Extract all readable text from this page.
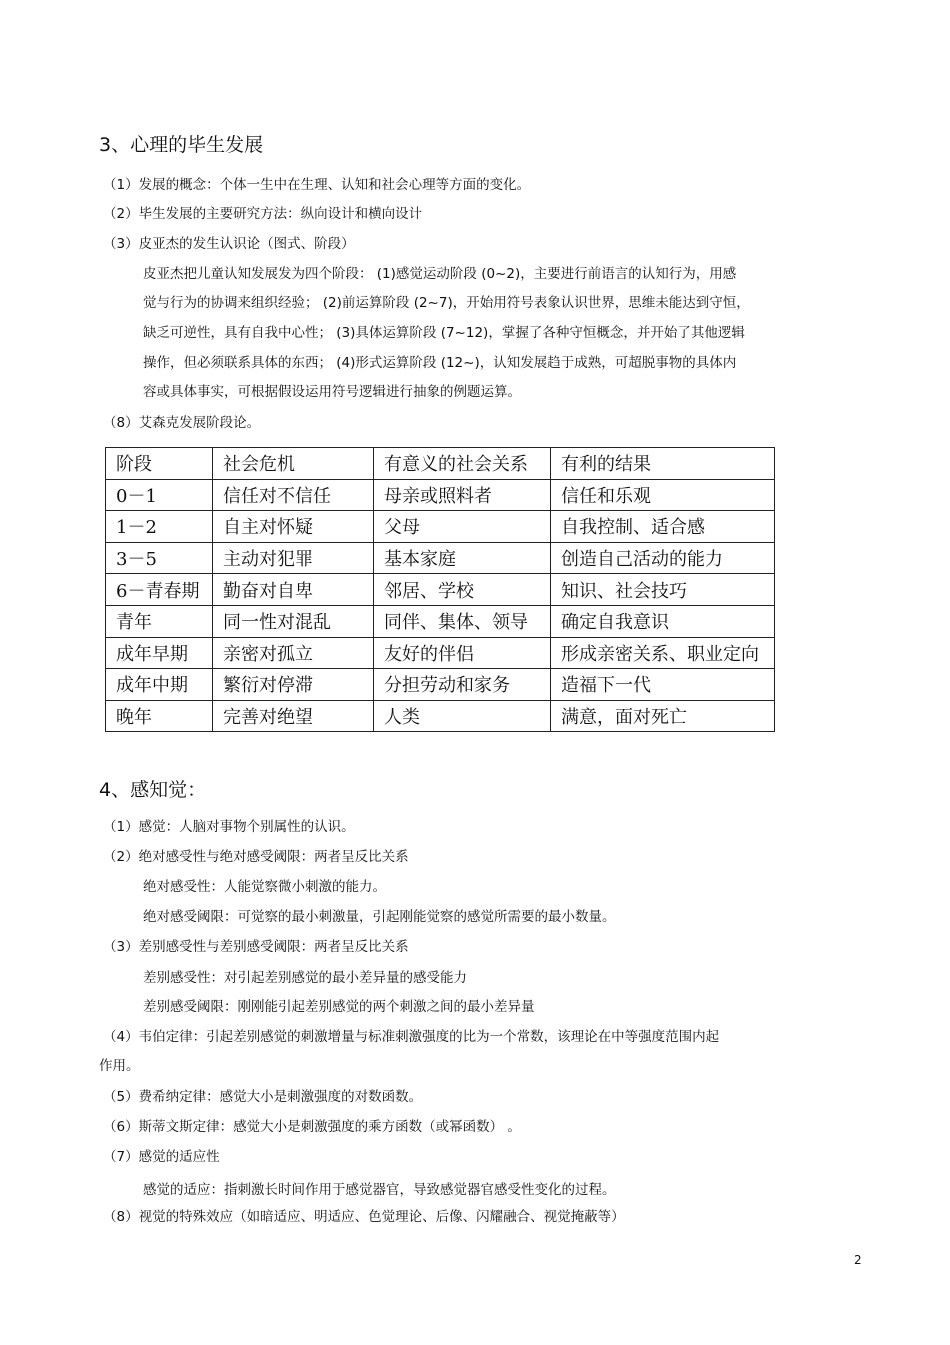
3、心理的毕生发展
（1）发展的概念：个体一生中在生理、认知和社会心理等方面的变化。
（2）毕生发展的主要研究方法：纵向设计和横向设计
（3）皮亚杰的发生认识论（图式、阶段）
皮亚杰把儿童认知发展发为四个阶段： (1)感觉运动阶段 (0~2)，主要进行前语言的认知行为，用感
觉与行为的协调来组织经验； (2)前运算阶段 (2~7)，开始用符号表象认识世界，思维未能达到守恒，
缺乏可逆性，具有自我中心性； (3)具体运算阶段 (7~12)，掌握了各种守恒概念，并开始了其他逻辑
操作，但必须联系具体的东西； (4)形式运算阶段 (12~)，认知发展趋于成熟，可超脱事物的具体内
容或具体事实，可根据假设运用符号逻辑进行抽象的例题运算。
（8）艾森克发展阶段论。
阶段	社会危机	有意义的社会关系	有利的结果
0－1	信任对不信任	母亲或照料者	信任和乐观
1－2	自主对怀疑	父母	自我控制、适合感
3－5	主动对犯罪	基本家庭	创造自己活动的能力
6－青春期	勤奋对自卑	邻居、学校	知识、社会技巧
青年	同一性对混乱	同伴、集体、领导	确定自我意识
成年早期	亲密对孤立	友好的伴侣	形成亲密关系、职业定向
成年中期	繁衍对停滞	分担劳动和家务	造福下一代
晚年	完善对绝望	人类	满意，面对死亡
4、感知觉：
（1）感觉：人脑对事物个别属性的认识。
（2）绝对感受性与绝对感受阈限：两者呈反比关系
绝对感受性：人能觉察微小刺激的能力。
绝对感受阈限：可觉察的最小刺激量，引起刚能觉察的感觉所需要的最小数量。
（3）差别感受性与差别感受阈限：两者呈反比关系
差别感受性：对引起差别感觉的最小差异量的感受能力
差别感受阈限：刚刚能引起差别感觉的两个刺激之间的最小差异量
（4）韦伯定律：引起差别感觉的刺激增量与标准刺激强度的比为一个常数，该理论在中等强度范围内起
作用。
（5）费希纳定律：感觉大小是刺激强度的对数函数。
（6）斯蒂文斯定律：感觉大小是刺激强度的乘方函数（或幂函数） 。
（7）感觉的适应性
感觉的适应：指刺激长时间作用于感觉器官，导致感觉器官感受性变化的过程。
（8）视觉的特殊效应（如暗适应、明适应、色觉理论、后像、闪耀融合、视觉掩蔽等）
2
